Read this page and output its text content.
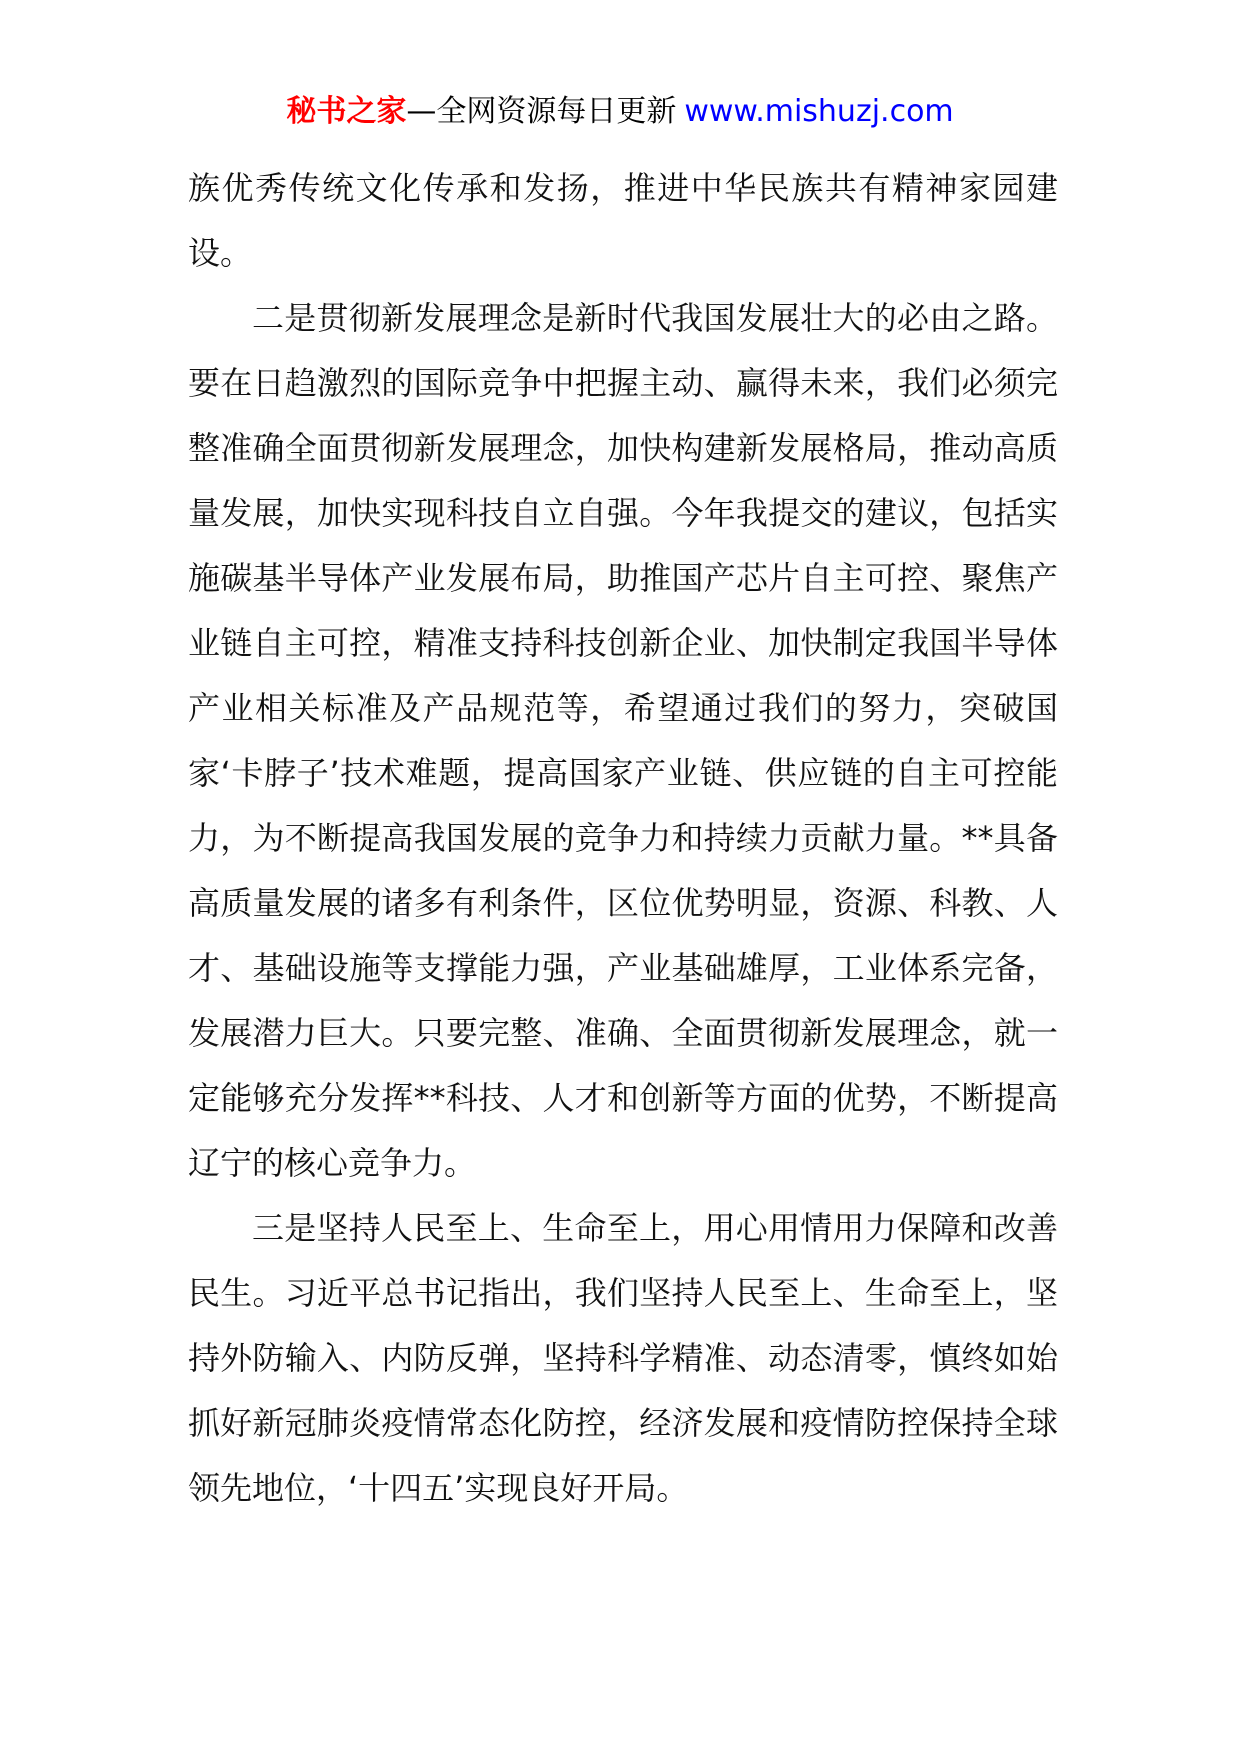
秘书之家—全网资源每日更新 www.mishuzj.com

族优秀传统文化传承和发扬，推进中华民族共有精神家园建设。

二是贯彻新发展理念是新时代我国发展壮大的必由之路。要在日趋激烈的国际竞争中把握主动、赢得未来，我们必须完整准确全面贯彻新发展理念，加快构建新发展格局，推动高质量发展，加快实现科技自立自强。今年我提交的建议，包括实施碳基半导体产业发展布局，助推国产芯片自主可控、聚焦产业链自主可控，精准支持科技创新企业、加快制定我国半导体产业相关标准及产品规范等，希望通过我们的努力，突破国家‘卡脖子’技术难题，提高国家产业链、供应链的自主可控能力，为不断提高我国发展的竞争力和持续力贡献力量。**具备高质量发展的诸多有利条件，区位优势明显，资源、科教、人才、基础设施等支撑能力强，产业基础雄厚，工业体系完备，发展潜力巨大。只要完整、准确、全面贯彻新发展理念，就一定能够充分发挥**科技、人才和创新等方面的优势，不断提高辽宁的核心竞争力。

三是坚持人民至上、生命至上，用心用情用力保障和改善民生。习近平总书记指出，我们坚持人民至上、生命至上，坚持外防输入、内防反弹，坚持科学精准、动态清零，慎终如始抓好新冠肺炎疫情常态化防控，经济发展和疫情防控保持全球领先地位，‘十四五’实现良好开局。
